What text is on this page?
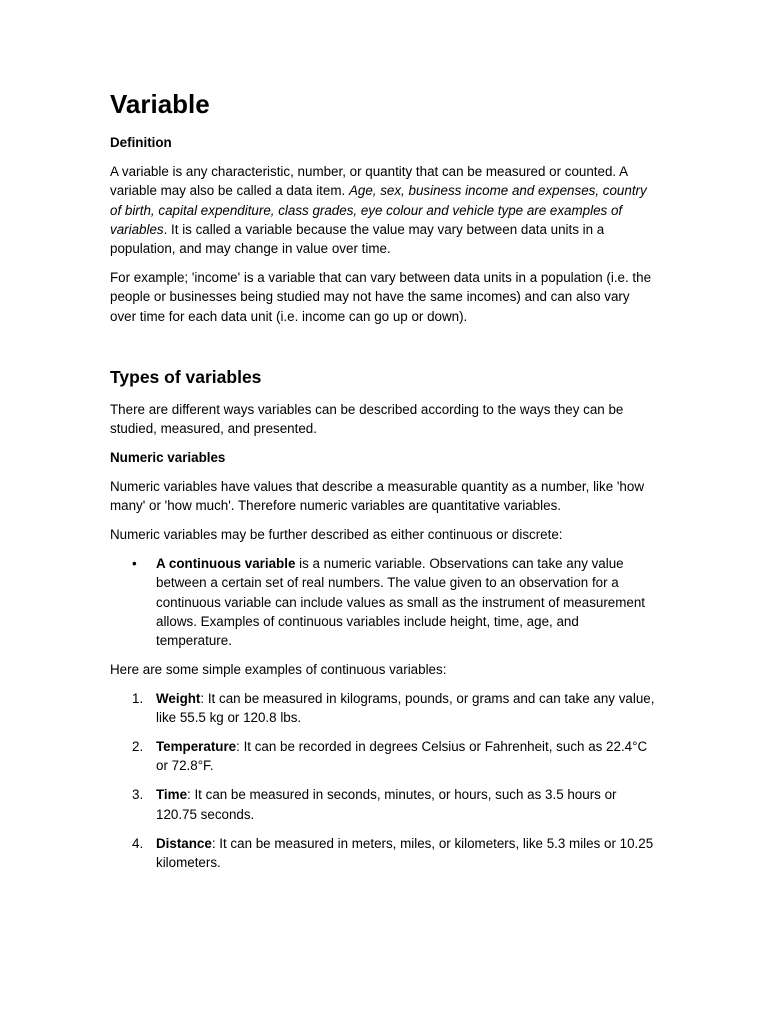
Variable

Definition

A variable is any characteristic, number, or quantity that can be measured or counted. A variable may also be called a data item. Age, sex, business income and expenses, country of birth, capital expenditure, class grades, eye colour and vehicle type are examples of variables. It is called a variable because the value may vary between data units in a population, and may change in value over time.

For example; 'income' is a variable that can vary between data units in a population (i.e. the people or businesses being studied may not have the same incomes) and can also vary over time for each data unit (i.e. income can go up or down).

Types of variables

There are different ways variables can be described according to the ways they can be studied, measured, and presented.

Numeric variables

Numeric variables have values that describe a measurable quantity as a number, like 'how many' or 'how much'. Therefore numeric variables are quantitative variables.

Numeric variables may be further described as either continuous or discrete:

• A continuous variable is a numeric variable. Observations can take any value between a certain set of real numbers. The value given to an observation for a continuous variable can include values as small as the instrument of measurement allows. Examples of continuous variables include height, time, age, and temperature.

Here are some simple examples of continuous variables:

1. Weight: It can be measured in kilograms, pounds, or grams and can take any value, like 55.5 kg or 120.8 lbs.
2. Temperature: It can be recorded in degrees Celsius or Fahrenheit, such as 22.4°C or 72.8°F.
3. Time: It can be measured in seconds, minutes, or hours, such as 3.5 hours or 120.75 seconds.
4. Distance: It can be measured in meters, miles, or kilometers, like 5.3 miles or 10.25 kilometers.
